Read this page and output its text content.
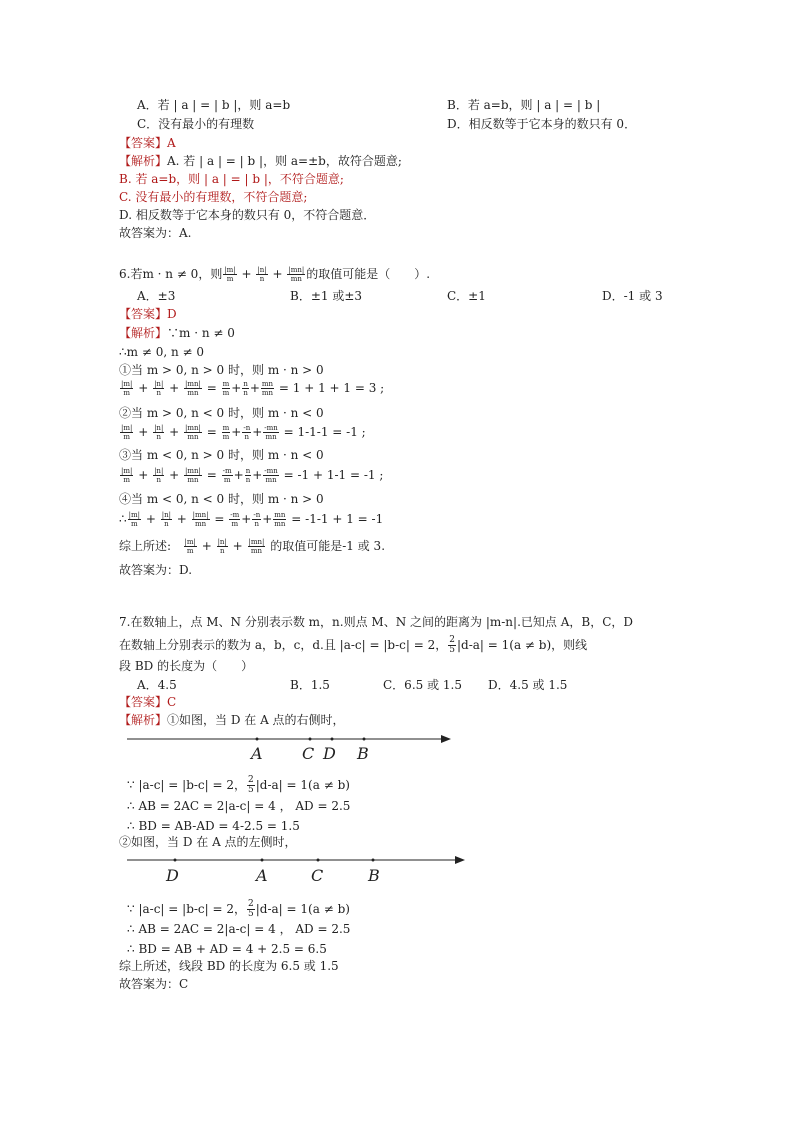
A．若 | a | = | b |，则 a=b	B．若 a=b，则 | a | = | b |
C．没有最小的有理数	D．相反数等于它本身的数只有 0．
【答案】A
【解析】A. 若 | a | = | b |，则 a=±b，故符合题意;
B. 若 a=b，则 | a | = | b |，不符合题意;
C. 没有最小的有理数，不符合题意;
D. 相反数等于它本身的数只有 0，不符合题意．
故答案为：A.
6.若m · n ≠ 0，则 $\frac{|m|}{m} + \frac{|n|}{n} + \frac{|mn|}{mn}$ 的取值可能是（　　）.
A．±3	B．±1 或±3	C．±1	D．-1 或 3
【答案】D
【解析】∵m · n ≠ 0
∴m ≠ 0, n ≠ 0
①当 m > 0, n > 0 时，则 m · n > 0
$\frac{|m|}{m} + \frac{|n|}{n} + \frac{|mn|}{mn} = \frac{m}{m} + \frac{n}{n} + \frac{mn}{mn} = 1 + 1 + 1 = 3$ ;
②当 m > 0, n < 0 时，则 m · n < 0
$\frac{|m|}{m} + \frac{|n|}{n} + \frac{|mn|}{mn} = \frac{m}{m} + \frac{-n}{n} + \frac{-mn}{mn} = 1-1-1 = -1$ ;
③当 m < 0, n > 0 时，则 m · n < 0
$\frac{|m|}{m} + \frac{|n|}{n} + \frac{|mn|}{mn} = \frac{-m}{m} + \frac{n}{n} + \frac{-mn}{mn} = -1 + 1-1 = -1$ ;
④当 m < 0, n < 0 时，则 m · n > 0
∴ $\frac{|m|}{m} + \frac{|n|}{n} + \frac{|mn|}{mn} = \frac{-m}{m} + \frac{-n}{n} + \frac{mn}{mn} = -1-1 + 1 = -1$
综上所述: $\frac{|m|}{m} + \frac{|n|}{n} + \frac{|mn|}{mn}$ 的取值可能是-1 或 3.
故答案为：D.
7.在数轴上，点 M、N 分别表示数 m，n.则点 M、N 之间的距离为 |m-n|.已知点 A，B，C，D
在数轴上分别表示的数为 a，b，c，d.且 |a-c| = |b-c| = 2， $\frac{2}{5} |d-a| = 1(a \ne b)$，则线
段 BD 的长度为（　　）
A．4.5	B．1.5	C．6.5 或 1.5 D．4.5 或 1.5
【答案】C
【解析】①如图，当 D 在 A 点的右侧时，
A C D B
∵ |a-c| = |b-c| = 2， $\frac{2}{5} |d-a| = 1(a \ne b)$
∴ AB = 2AC = 2|a-c| = 4 ， AD = 2.5
∴ BD = AB-AD = 4-2.5 = 1.5
②如图，当 D 在 A 点的左侧时，
D	A	C	B
∵ |a-c| = |b-c| = 2， $\frac{2}{5} |d-a| = 1(a \ne b)$
∴ AB = 2AC = 2|a-c| = 4 ， AD = 2.5
∴ BD = AB + AD = 4 + 2.5 = 6.5
综上所述，线段 BD 的长度为 6.5 或 1.5
故答案为：C
